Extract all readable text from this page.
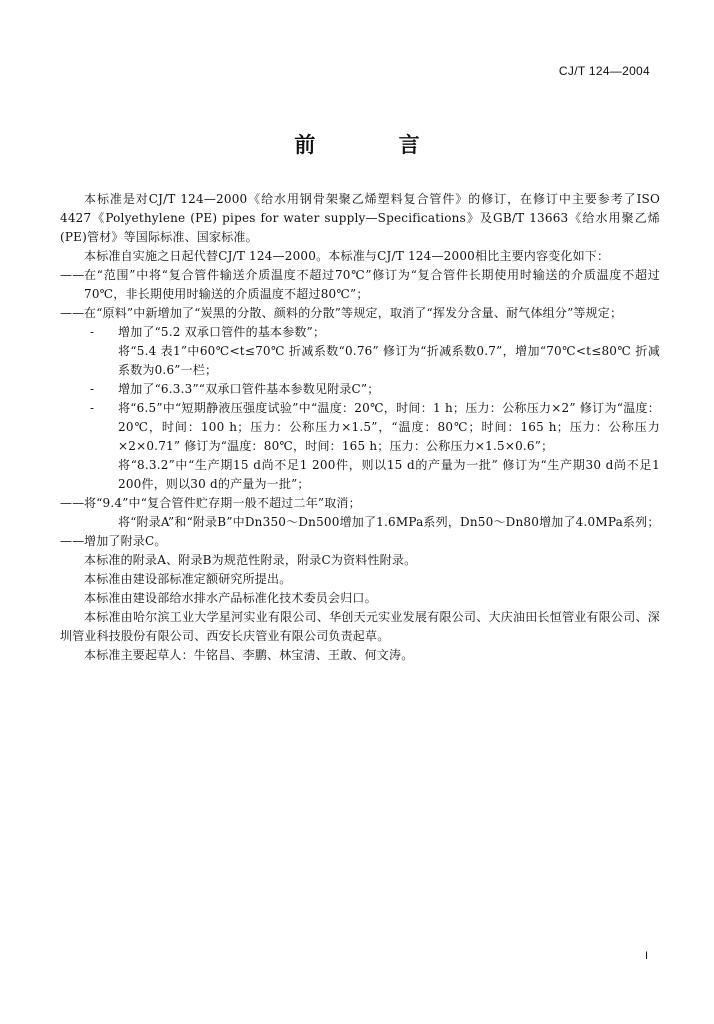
CJ/T 124—2004
前 言

本标准是对CJ/T 124—2000《给水用钢骨架聚乙烯塑料复合管件》的修订，在修订中主要参考了ISO 4427《Polyethylene (PE) pipes for water supply—Specifications》及GB/T 13663《给水用聚乙烯(PE)管材》等国际标准、国家标准。

本标准自实施之日起代替CJ/T 124—2000。本标准与CJ/T 124—2000相比主要内容变化如下：

—— 在“范围”中将“复合管件输送介质温度不超过70℃”修订为“复合管件长期使用时输送的介质温度不超过70℃，非长期使用时输送的介质温度不超过80℃”；
—— 在“原料”中新增加了“炭黑的分散、颜料的分散”等规定，取消了“挥发分含量、耐气体组分”等规定；
-	增加了“5.2 双承口管件的基本参数”；
将“5.4 表1”中60℃<t≤70℃ 折减系数“0.76” 修订为“折减系数0.7”，增加“70℃<t≤80℃ 折减系数为0.6”一栏；
-	增加了“6.3.3”“双承口管件基本参数见附录C”；
-	将“6.5”中“短期静液压强度试验”中“温度：20℃，时间：1 h；压力：公称压力×2” 修订为“温度：20℃，时间：100 h；压力：公称压力×1.5”，“温度：80℃；时间：165 h；压力：公称压力×2×0.71” 修订为“温度：80℃，时间：165 h；压力：公称压力×1.5×0.6”；
将“8.3.2”中“生产期15 d尚不足1 200件，则以15 d的产量为一批” 修订为“生产期30 d尚不足1 200件，则以30 d的产量为一批”；
—— 将“9.4”中“复合管件贮存期一般不超过二年”取消；
将“附录A”和“附录B”中Dn350～Dn500增加了1.6MPa系列，Dn50～Dn80增加了4.0MPa系列；
—— 增加了附录C。

本标准的附录A、附录B为规范性附录，附录C为资料性附录。

本标准由建设部标准定额研究所提出。

本标准由建设部给水排水产品标准化技术委员会归口。

本标准由哈尔滨工业大学星河实业有限公司、华创天元实业发展有限公司、大庆油田长恒管业有限公司、深圳管业科技股份有限公司、西安长庆管业有限公司负责起草。

本标准主要起草人：牛铭昌、李鹏、林宝清、王敢、何文涛。

I
